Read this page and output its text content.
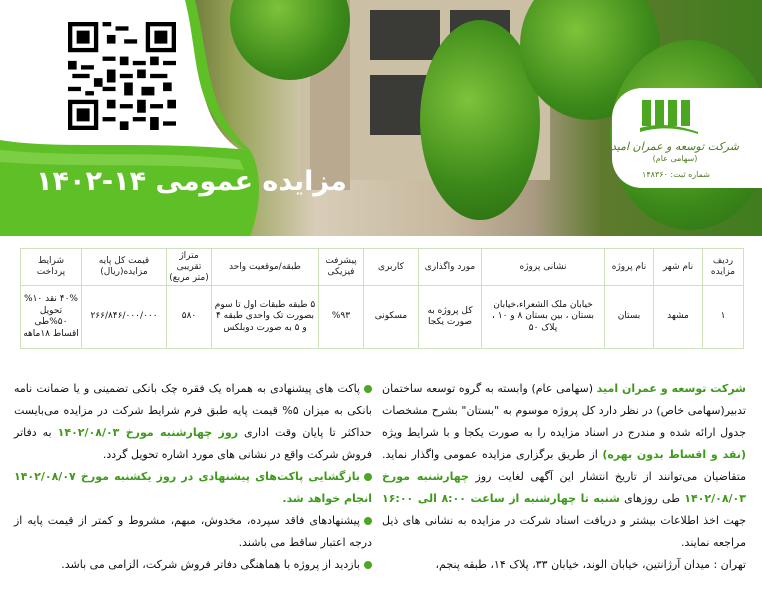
مزایده عمومی ۱۴-۱۴۰۲
شرکت توسعه و عمران امید
(سهامی عام)
شماره ثبت: ۱۴۸۳۶۰
ردیف مزایده	نام شهر	نام پروژه	نشانی پروژه	مورد واگذاری	کاربری	پیشرفت فیزیکی	طبقه/موقعیت واحد	متراژ تقریبی (متر مربع)	قیمت کل پایه مزایده(ریال)	شرایط پرداخت
۱	مشهد	بستان	خیابان ملک الشعراء،خیابان بستان ، بین بستان ۸ و ۱۰ ، پلاک ۵۰	کل پروژه به صورت یکجا	مسکونی	%۹۳	۵ طبقه طبقات اول تا سوم بصورت تک واحدی طبقه ۴ و ۵ به صورت دوبلکس	۵۸۰	۲۶۶/۸۴۶/۰۰۰/۰۰۰	۴۰% نقد ۱۰% تحویل ۵۰%طی اقساط ۱۸ماهه

شرکت توسعه و عمران امید (سهامی عام) وابسته به گروه توسعه ساختمان تدبیر(سهامی خاص) در نظر دارد کل پروژه موسوم به "بستان" بشرح مشخصات جدول ارائه شده و مندرج در اسناد مزایده را به صورت یکجا و با شرایط ویژه (نقد و اقساط بدون بهره) از طریق برگزاری مزایده عمومی واگذار نماید. متقاضیان می‌توانند از تاریخ انتشار این آگهی لغایت روز چهارشنبه مورخ ۱۴۰۲/۰۸/۰۳ طی روزهای شنبه تا چهارشنبه از ساعت ۸:۰۰ الی ۱۶:۰۰ جهت اخذ اطلاعات بیشتر و دریافت اسناد شرکت در مزایده به نشانی های ذیل مراجعه نمایند.

تهران : میدان آرژانتین، خیابان الوند، خیابان ۳۳، پلاک ۱۴، طبقه پنجم،

پاکت های پیشنهادی به همراه یک فقره چک بانکی تضمینی و یا ضمانت نامه بانکی به میزان ۵% قیمت پایه طبق فرم شرایط شرکت در مزایده می‌بایست حداکثر تا پایان وقت اداری روز چهارشنبه مورخ ۱۴۰۲/۰۸/۰۳ به دفاتر فروش شرکت واقع در نشانی های مورد اشاره تحویل گردد.

بازگشایی پاکت‌های پیشنهادی در روز یکشنبه مورخ ۱۴۰۲/۰۸/۰۷ انجام خواهد شد.

پیشنهادهای فاقد سپرده، مخدوش، مبهم، مشروط و کمتر از قیمت پایه از درجه اعتبار ساقط می باشند.

بازدید از پروژه با هماهنگی دفاتر فروش شرکت، الزامی می باشد.
